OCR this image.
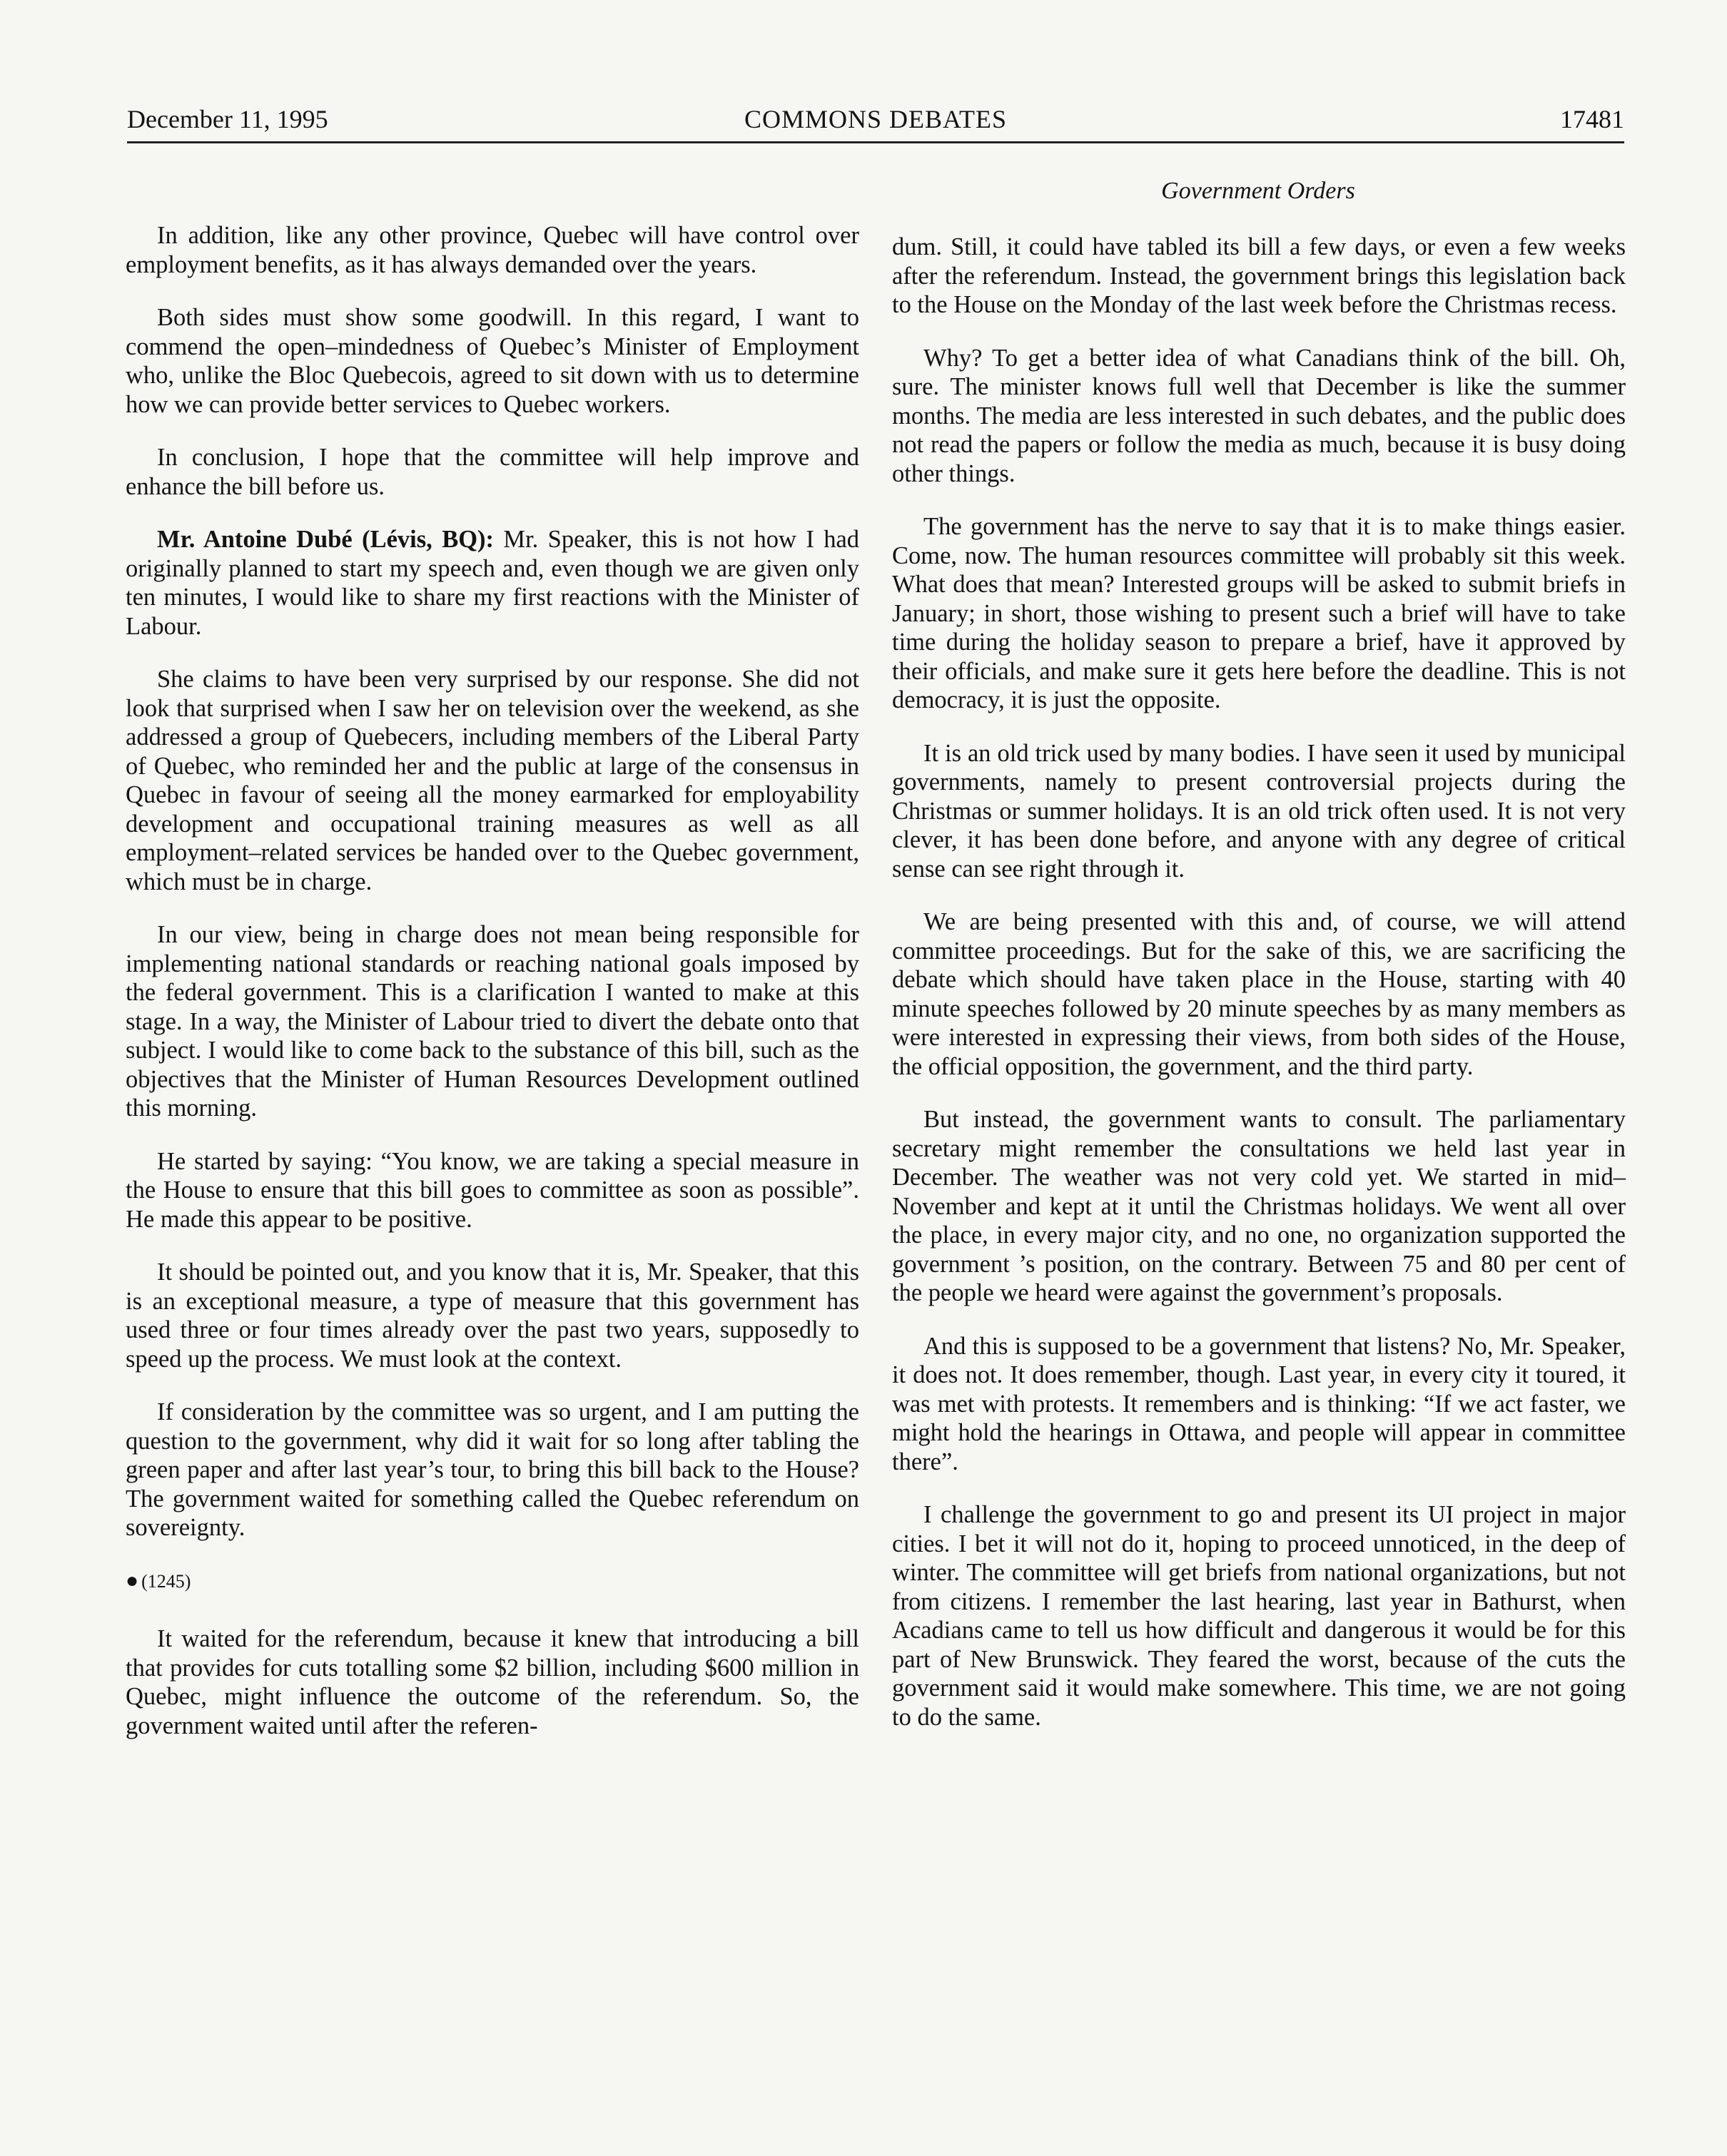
December 11, 1995	COMMONS DEBATES	17481
Government Orders

In addition, like any other province, Quebec will have control over employment benefits, as it has always demanded over the years.

Both sides must show some goodwill. In this regard, I want to commend the open–mindedness of Quebec’s Minister of Employment who, unlike the Bloc Quebecois, agreed to sit down with us to determine how we can provide better services to Quebec workers.

In conclusion, I hope that the committee will help improve and enhance the bill before us.

Mr. Antoine Dubé (Lévis, BQ): Mr. Speaker, this is not how I had originally planned to start my speech and, even though we are given only ten minutes, I would like to share my first reactions with the Minister of Labour.

She claims to have been very surprised by our response. She did not look that surprised when I saw her on television over the weekend, as she addressed a group of Quebecers, including members of the Liberal Party of Quebec, who reminded her and the public at large of the consensus in Quebec in favour of seeing all the money earmarked for employability development and occupational training measures as well as all employment–related services be handed over to the Quebec government, which must be in charge.

In our view, being in charge does not mean being responsible for implementing national standards or reaching national goals imposed by the federal government. This is a clarification I wanted to make at this stage. In a way, the Minister of Labour tried to divert the debate onto that subject. I would like to come back to the substance of this bill, such as the objectives that the Minister of Human Resources Development outlined this morning.

He started by saying: “You know, we are taking a special measure in the House to ensure that this bill goes to committee as soon as possible”. He made this appear to be positive.

It should be pointed out, and you know that it is, Mr. Speaker, that this is an exceptional measure, a type of measure that this government has used three or four times already over the past two years, supposedly to speed up the process. We must look at the context.

If consideration by the committee was so urgent, and I am putting the question to the government, why did it wait for so long after tabling the green paper and after last year’s tour, to bring this bill back to the House? The government waited for something called the Quebec referendum on sovereignty.

● (1245)

It waited for the referendum, because it knew that introducing a bill that provides for cuts totalling some $2 billion, including $600 million in Quebec, might influence the outcome of the referendum. So, the government waited until after the referen-

dum. Still, it could have tabled its bill a few days, or even a few weeks after the referendum. Instead, the government brings this legislation back to the House on the Monday of the last week before the Christmas recess.

Why? To get a better idea of what Canadians think of the bill. Oh, sure. The minister knows full well that December is like the summer months. The media are less interested in such debates, and the public does not read the papers or follow the media as much, because it is busy doing other things.

The government has the nerve to say that it is to make things easier. Come, now. The human resources committee will probably sit this week. What does that mean? Interested groups will be asked to submit briefs in January; in short, those wishing to present such a brief will have to take time during the holiday season to prepare a brief, have it approved by their officials, and make sure it gets here before the deadline. This is not democracy, it is just the opposite.

It is an old trick used by many bodies. I have seen it used by municipal governments, namely to present controversial projects during the Christmas or summer holidays. It is an old trick often used. It is not very clever, it has been done before, and anyone with any degree of critical sense can see right through it.

We are being presented with this and, of course, we will attend committee proceedings. But for the sake of this, we are sacrificing the debate which should have taken place in the House, starting with 40 minute speeches followed by 20 minute speeches by as many members as were interested in expressing their views, from both sides of the House, the official opposition, the government, and the third party.

But instead, the government wants to consult. The parliamentary secretary might remember the consultations we held last year in December. The weather was not very cold yet. We started in mid–November and kept at it until the Christmas holidays. We went all over the place, in every major city, and no one, no organization supported the government ’s position, on the contrary. Between 75 and 80 per cent of the people we heard were against the government’s proposals.

And this is supposed to be a government that listens? No, Mr. Speaker, it does not. It does remember, though. Last year, in every city it toured, it was met with protests. It remembers and is thinking: “If we act faster, we might hold the hearings in Ottawa, and people will appear in committee there”.

I challenge the government to go and present its UI project in major cities. I bet it will not do it, hoping to proceed unnoticed, in the deep of winter. The committee will get briefs from national organizations, but not from citizens. I remember the last hearing, last year in Bathurst, when Acadians came to tell us how difficult and dangerous it would be for this part of New Brunswick. They feared the worst, because of the cuts the government said it would make somewhere. This time, we are not going to do the same.
